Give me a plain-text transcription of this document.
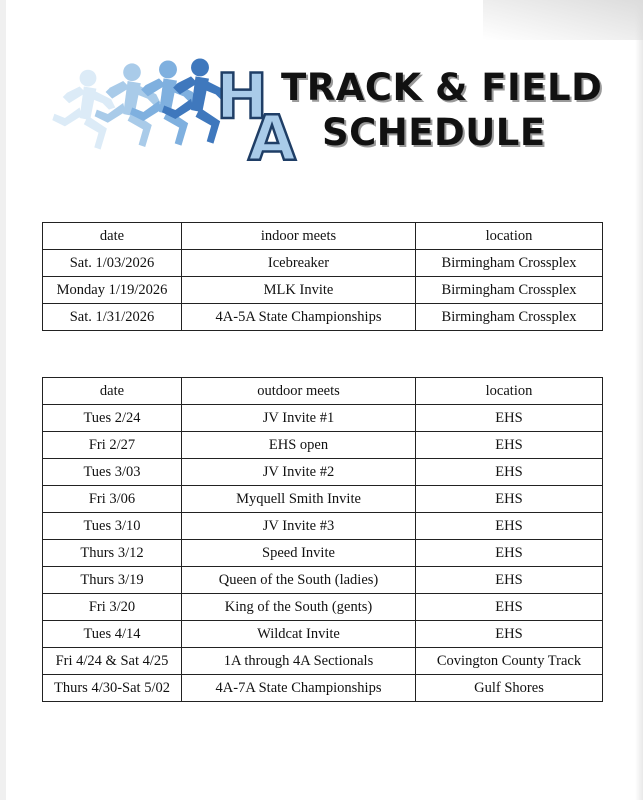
H
A
TRACK & FIELD
SCHEDULE
date	indoor meets	location
Sat. 1/03/2026	Icebreaker	Birmingham Crossplex
Monday 1/19/2026	MLK Invite	Birmingham Crossplex
Sat. 1/31/2026	4A-5A State Championships	Birmingham Crossplex
date	outdoor meets	location
Tues 2/24	JV Invite #1	EHS
Fri 2/27	EHS open	EHS
Tues 3/03	JV Invite #2	EHS
Fri 3/06	Myquell Smith Invite	EHS
Tues 3/10	JV Invite #3	EHS
Thurs 3/12	Speed Invite	EHS
Thurs 3/19	Queen of the South (ladies)	EHS
Fri 3/20	King of the South (gents)	EHS
Tues 4/14	Wildcat Invite	EHS
Fri 4/24 & Sat 4/25	1A through 4A Sectionals	Covington County Track
Thurs 4/30-Sat 5/02	4A-7A State Championships	Gulf Shores
